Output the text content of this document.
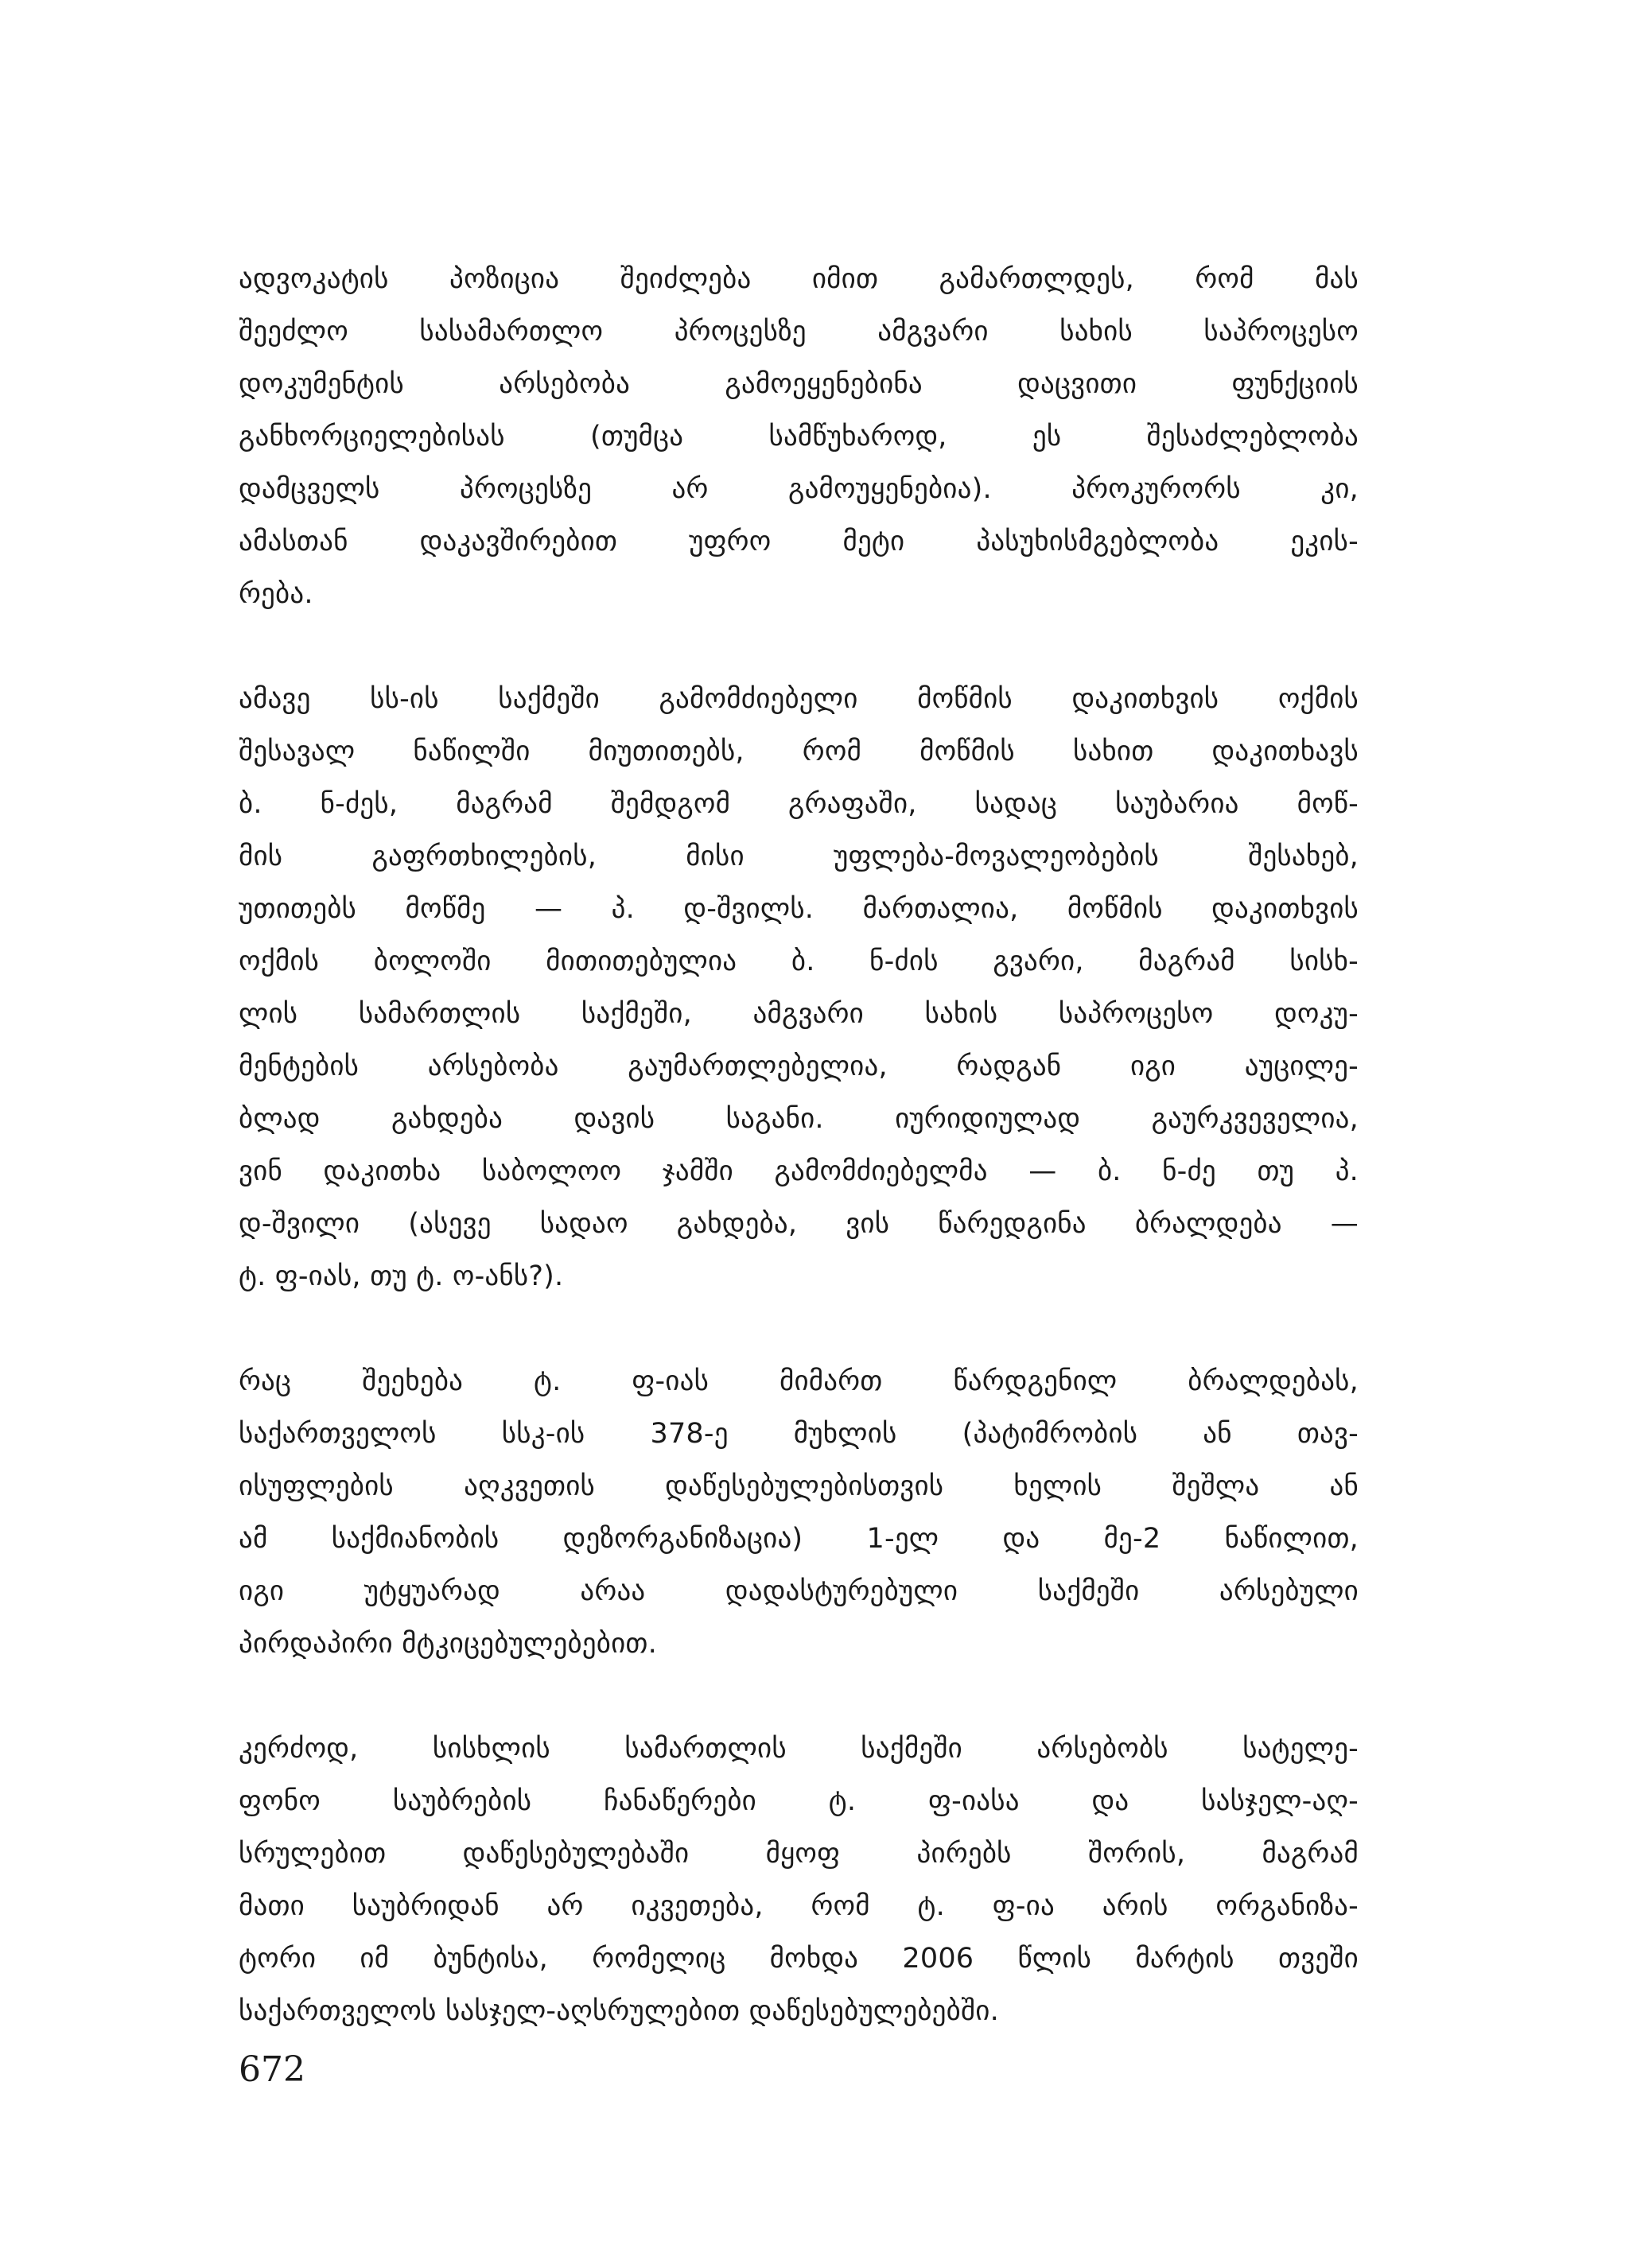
ადვოკატის პოზიცია შეიძლება იმით გამართლდეს, რომ მას
შეეძლო სასამართლო პროცესზე ამგვარი სახის საპროცესო
დოკუმენტის არსებობა გამოეყენებინა დაცვითი ფუნქციის
განხორციელებისას (თუმცა სამწუხაროდ, ეს შესაძლებლობა
დამცველს პროცესზე არ გამოუყენებია). პროკურორს კი,
ამასთან დაკავშირებით უფრო მეტი პასუხისმგებლობა ეკის-
რება.
ამავე სს-ის საქმეში გამომძიებელი მოწმის დაკითხვის ოქმის
შესავალ ნაწილში მიუთითებს, რომ მოწმის სახით დაკითხავს
ბ. ნ-ძეს, მაგრამ შემდგომ გრაფაში, სადაც საუბარია მოწ-
მის გაფრთხილების, მისი უფლება-მოვალეობების შესახებ,
უთითებს მოწმე — პ. დ-შვილს. მართალია, მოწმის დაკითხვის
ოქმის ბოლოში მითითებულია ბ. ნ-ძის გვარი, მაგრამ სისხ-
ლის სამართლის საქმეში, ამგვარი სახის საპროცესო დოკუ-
მენტების არსებობა გაუმართლებელია, რადგან იგი აუცილე-
ბლად გახდება დავის საგანი. იურიდიულად გაურკვეველია,
ვინ დაკითხა საბოლოო ჯამში გამომძიებელმა — ბ. ნ-ძე თუ პ.
დ-შვილი (ასევე სადაო გახდება, ვის წარედგინა ბრალდება —
ტ. ფ-იას, თუ ტ. ო-ანს?).
რაც შეეხება ტ. ფ-იას მიმართ წარდგენილ ბრალდებას,
საქართველოს სსკ-ის 378-ე მუხლის (პატიმრობის ან თავ-
ისუფლების აღკვეთის დაწესებულებისთვის ხელის შეშლა ან
ამ საქმიანობის დეზორგანიზაცია) 1-ელ და მე-2 ნაწილით,
იგი უტყუარად არაა დადასტურებული საქმეში არსებული
პირდაპირი მტკიცებულებებით.
კერძოდ, სისხლის სამართლის საქმეში არსებობს სატელე-
ფონო საუბრების ჩანაწერები ტ. ფ-იასა და სასჯელ-აღ-
სრულებით დაწესებულებაში მყოფ პირებს შორის, მაგრამ
მათი საუბრიდან არ იკვეთება, რომ ტ. ფ-ია არის ორგანიზა-
ტორი იმ ბუნტისა, რომელიც მოხდა 2006 წლის მარტის თვეში
საქართველოს სასჯელ-აღსრულებით დაწესებულებებში.
672
